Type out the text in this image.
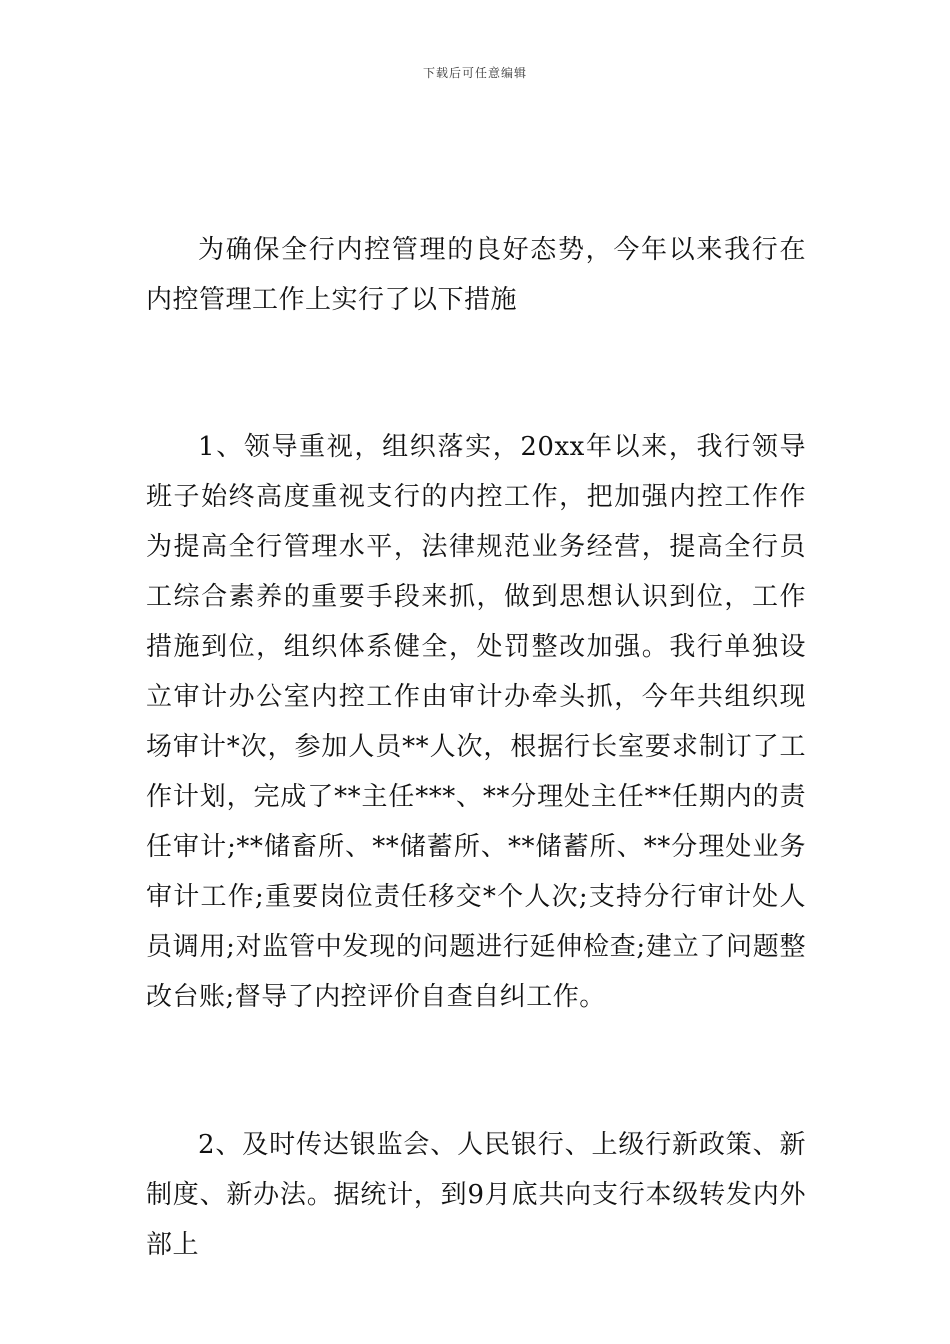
下载后可任意编辑

为确保全行内控管理的良好态势，今年以来我行在内控管理工作上实行了以下措施

1、领导重视，组织落实，20xx年以来，我行领导班子始终高度重视支行的内控工作，把加强内控工作作为提高全行管理水平，法律规范业务经营，提高全行员工综合素养的重要手段来抓，做到思想认识到位，工作措施到位，组织体系健全，处罚整改加强。我行单独设立审计办公室内控工作由审计办牵头抓，今年共组织现场审计*次，参加人员**人次，根据行长室要求制订了工作计划，完成了**主任***、**分理处主任**任期内的责任审计;**储畜所、**储蓄所、**储蓄所、**分理处业务审计工作;重要岗位责任移交*个人次;支持分行审计处人员调用;对监管中发现的问题进行延伸检查;建立了问题整改台账;督导了内控评价自查自纠工作。

2、及时传达银监会、人民银行、上级行新政策、新制度、新办法。据统计，到9月底共向支行本级转发内外部上
